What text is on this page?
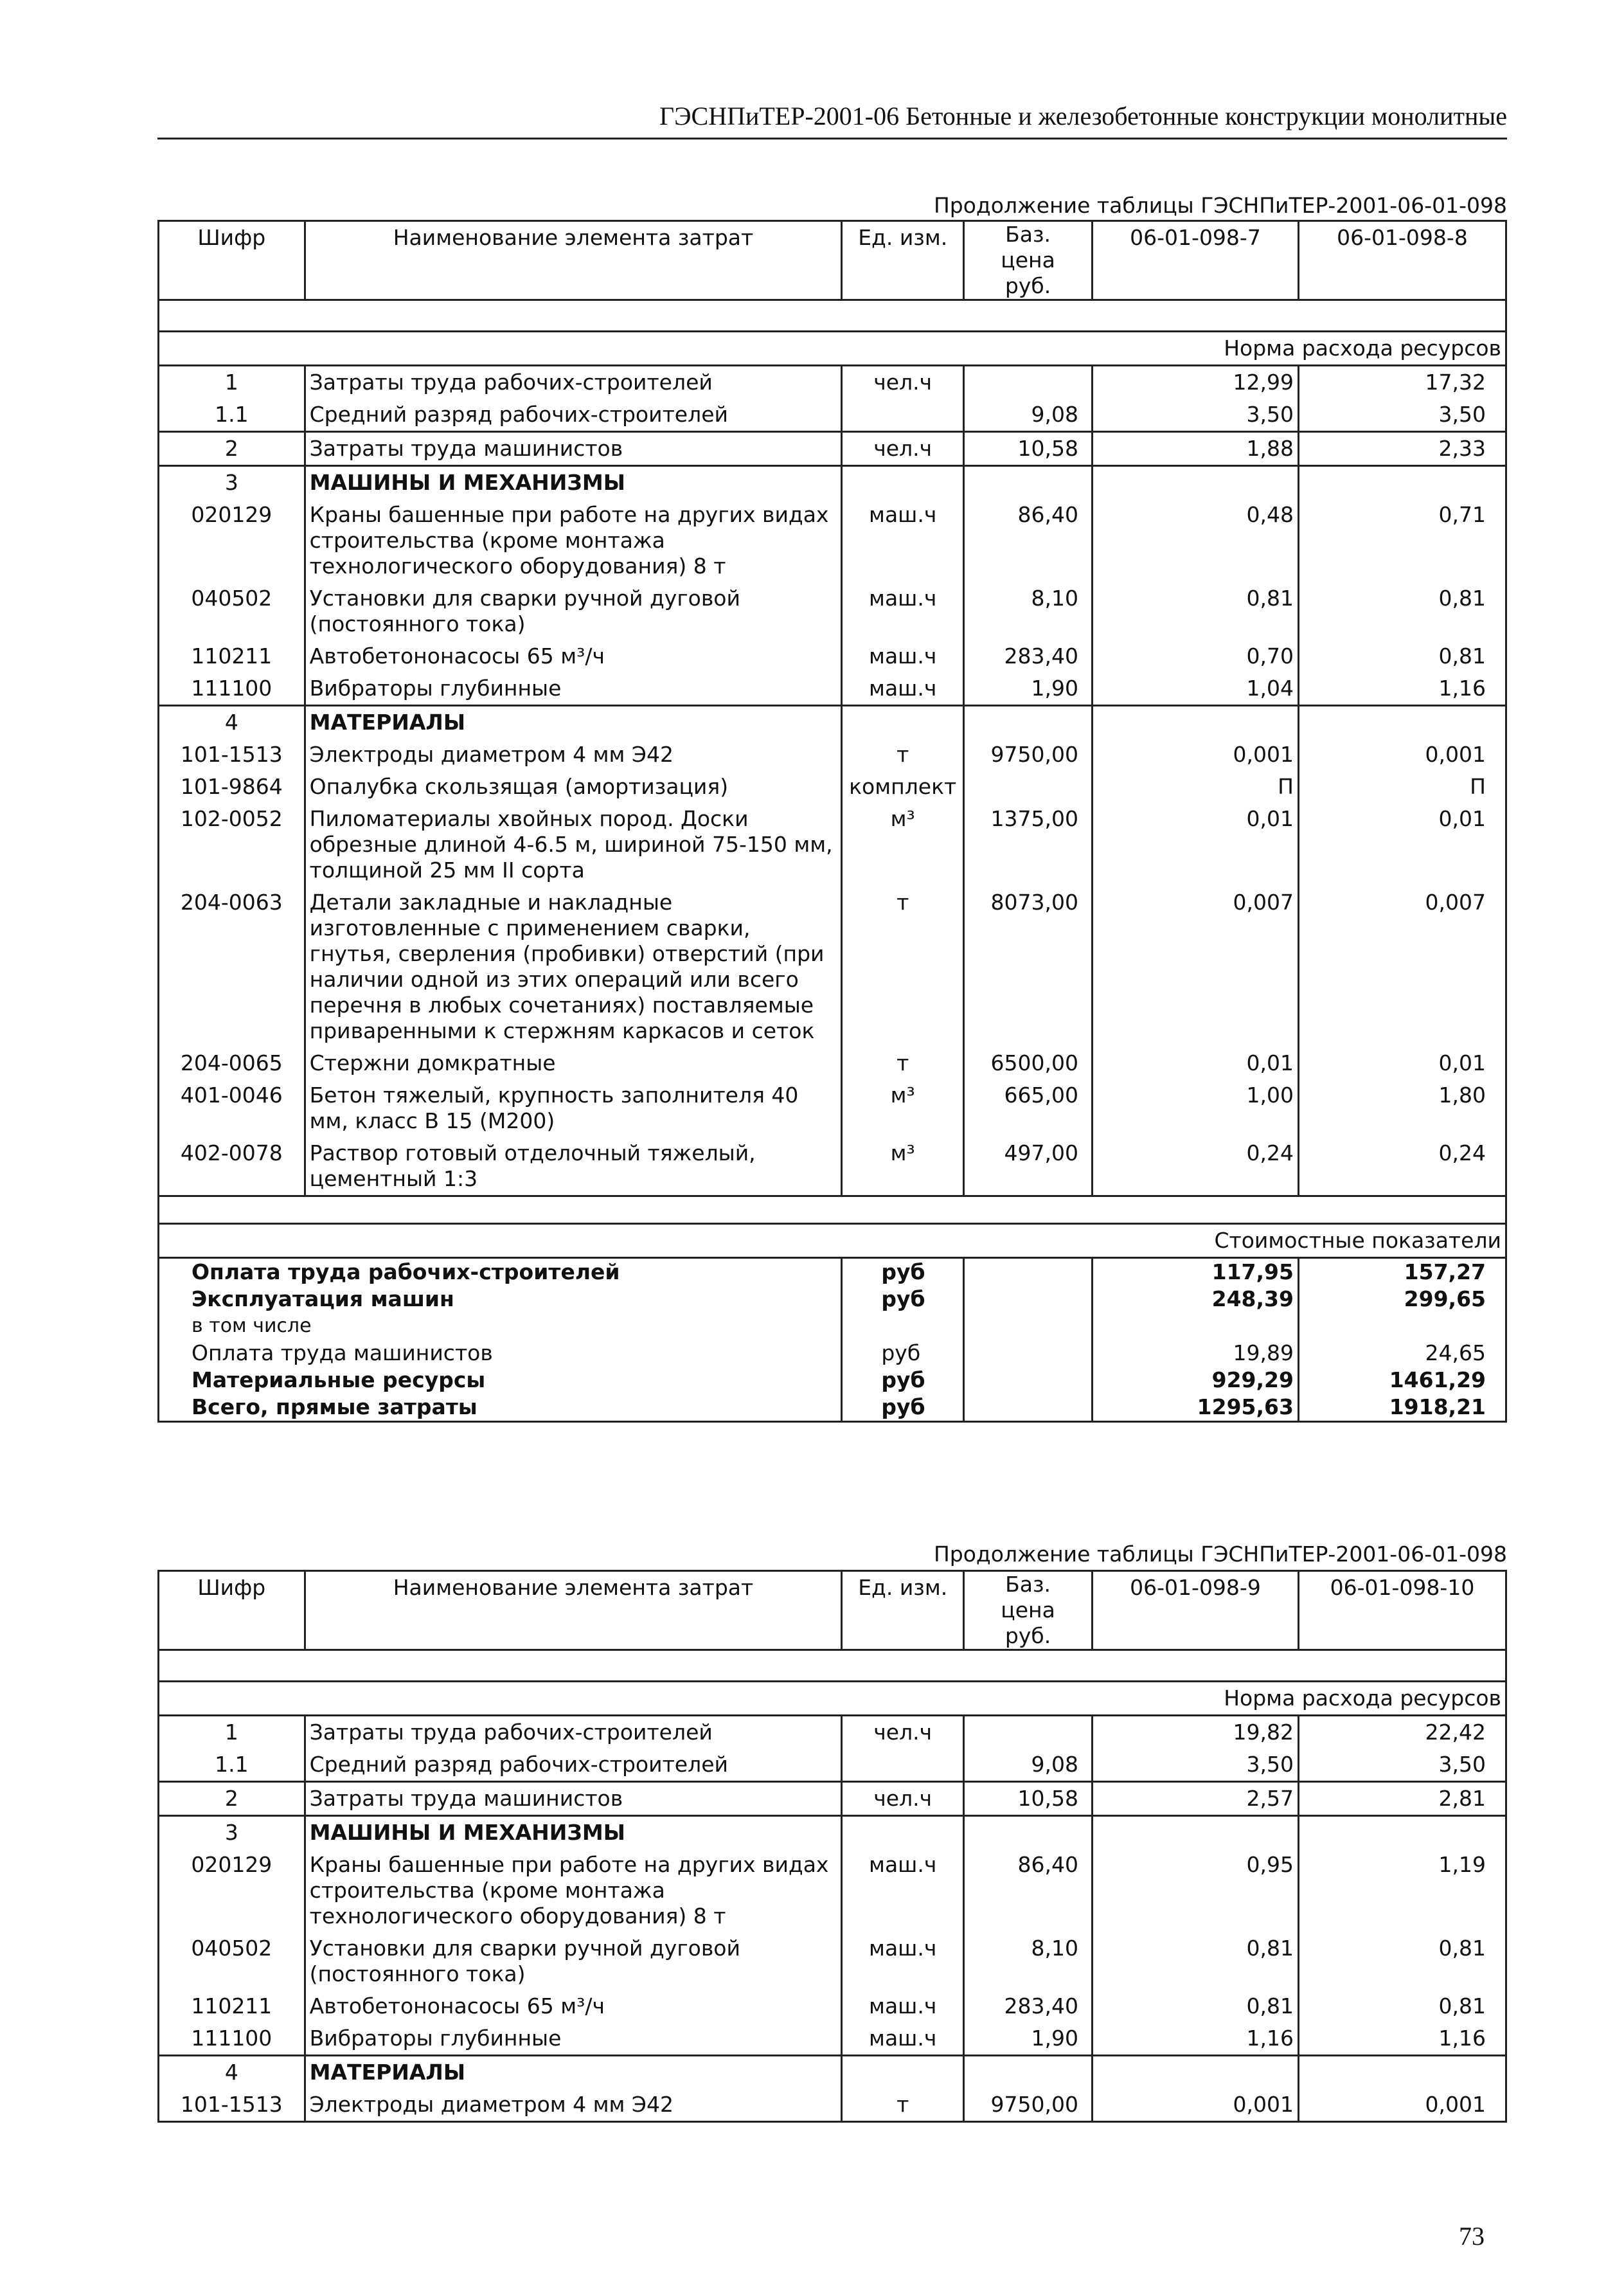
ГЭСНПиТЕР-2001-06 Бетонные и железобетонные конструкции монолитные
Продолжение таблицы ГЭСНПиТЕР-2001-06-01-098
Шифр	Наименование элемента затрат	Ед. изм.	Баз. цена руб.	06-01-098-7	06-01-098-8

Норма расхода ресурсов					
1	Затраты труда рабочих-строителей	чел.ч		12,99	17,32
1.1	Средний разряд рабочих-строителей		9,08	3,50	3,50
2	Затраты труда машинистов	чел.ч	10,58	1,88	2,33
3	МАШИНЫ И МЕХАНИЗМЫ				
020129	Краны башенные при работе на других видах строительства (кроме монтажа технологического оборудования) 8 т	маш.ч	86,40	0,48	0,71
040502	Установки для сварки ручной дуговой (постоянного тока)	маш.ч	8,10	0,81	0,81
110211	Автобетононасосы 65 м³/ч	маш.ч	283,40	0,70	0,81
111100	Вибраторы глубинные	маш.ч	1,90	1,04	1,16
4	МАТЕРИАЛЫ				
101-1513	Электроды диаметром 4 мм Э42	т	9750,00	0,001	0,001
101-9864	Опалубка скользящая (амортизация)	комплект		П	П
102-0052	Пиломатериалы хвойных пород. Доски обрезные длиной 4-6.5 м, шириной 75-150 мм, толщиной 25 мм II сорта	м³	1375,00	0,01	0,01
204-0063	Детали закладные и накладные изготовленные с применением сварки, гнутья, сверления (пробивки) отверстий (при наличии одной из этих операций или всего перечня в любых сочетаниях) поставляемые приваренными к стержням каркасов и сеток	т	8073,00	0,007	0,007
204-0065	Стержни домкратные	т	6500,00	0,01	0,01
401-0046	Бетон тяжелый, крупность заполнителя 40 мм, класс В 15 (М200)	м³	665,00	1,00	1,80
402-0078	Раствор готовый отделочный тяжелый, цементный 1:3	м³	497,00	0,24	0,24

Стоимостные показатели					
Оплата труда рабочих-строителей		руб		117,95	157,27
Эксплуатация машин		руб		248,39	299,65
в том числе					
Оплата труда машинистов		руб		19,89	24,65
Материальные ресурсы		руб		929,29	1461,29
Всего, прямые затраты		руб		1295,63	1918,21
Продолжение таблицы ГЭСНПиТЕР-2001-06-01-098
Шифр	Наименование элемента затрат	Ед. изм.	Баз. цена руб.	06-01-098-9	06-01-098-10

Норма расхода ресурсов					
1	Затраты труда рабочих-строителей	чел.ч		19,82	22,42
1.1	Средний разряд рабочих-строителей		9,08	3,50	3,50
2	Затраты труда машинистов	чел.ч	10,58	2,57	2,81
3	МАШИНЫ И МЕХАНИЗМЫ				
020129	Краны башенные при работе на других видах строительства (кроме монтажа технологического оборудования) 8 т	маш.ч	86,40	0,95	1,19
040502	Установки для сварки ручной дуговой (постоянного тока)	маш.ч	8,10	0,81	0,81
110211	Автобетононасосы 65 м³/ч	маш.ч	283,40	0,81	0,81
111100	Вибраторы глубинные	маш.ч	1,90	1,16	1,16
4	МАТЕРИАЛЫ				
101-1513	Электроды диаметром 4 мм Э42	т	9750,00	0,001	0,001
73
